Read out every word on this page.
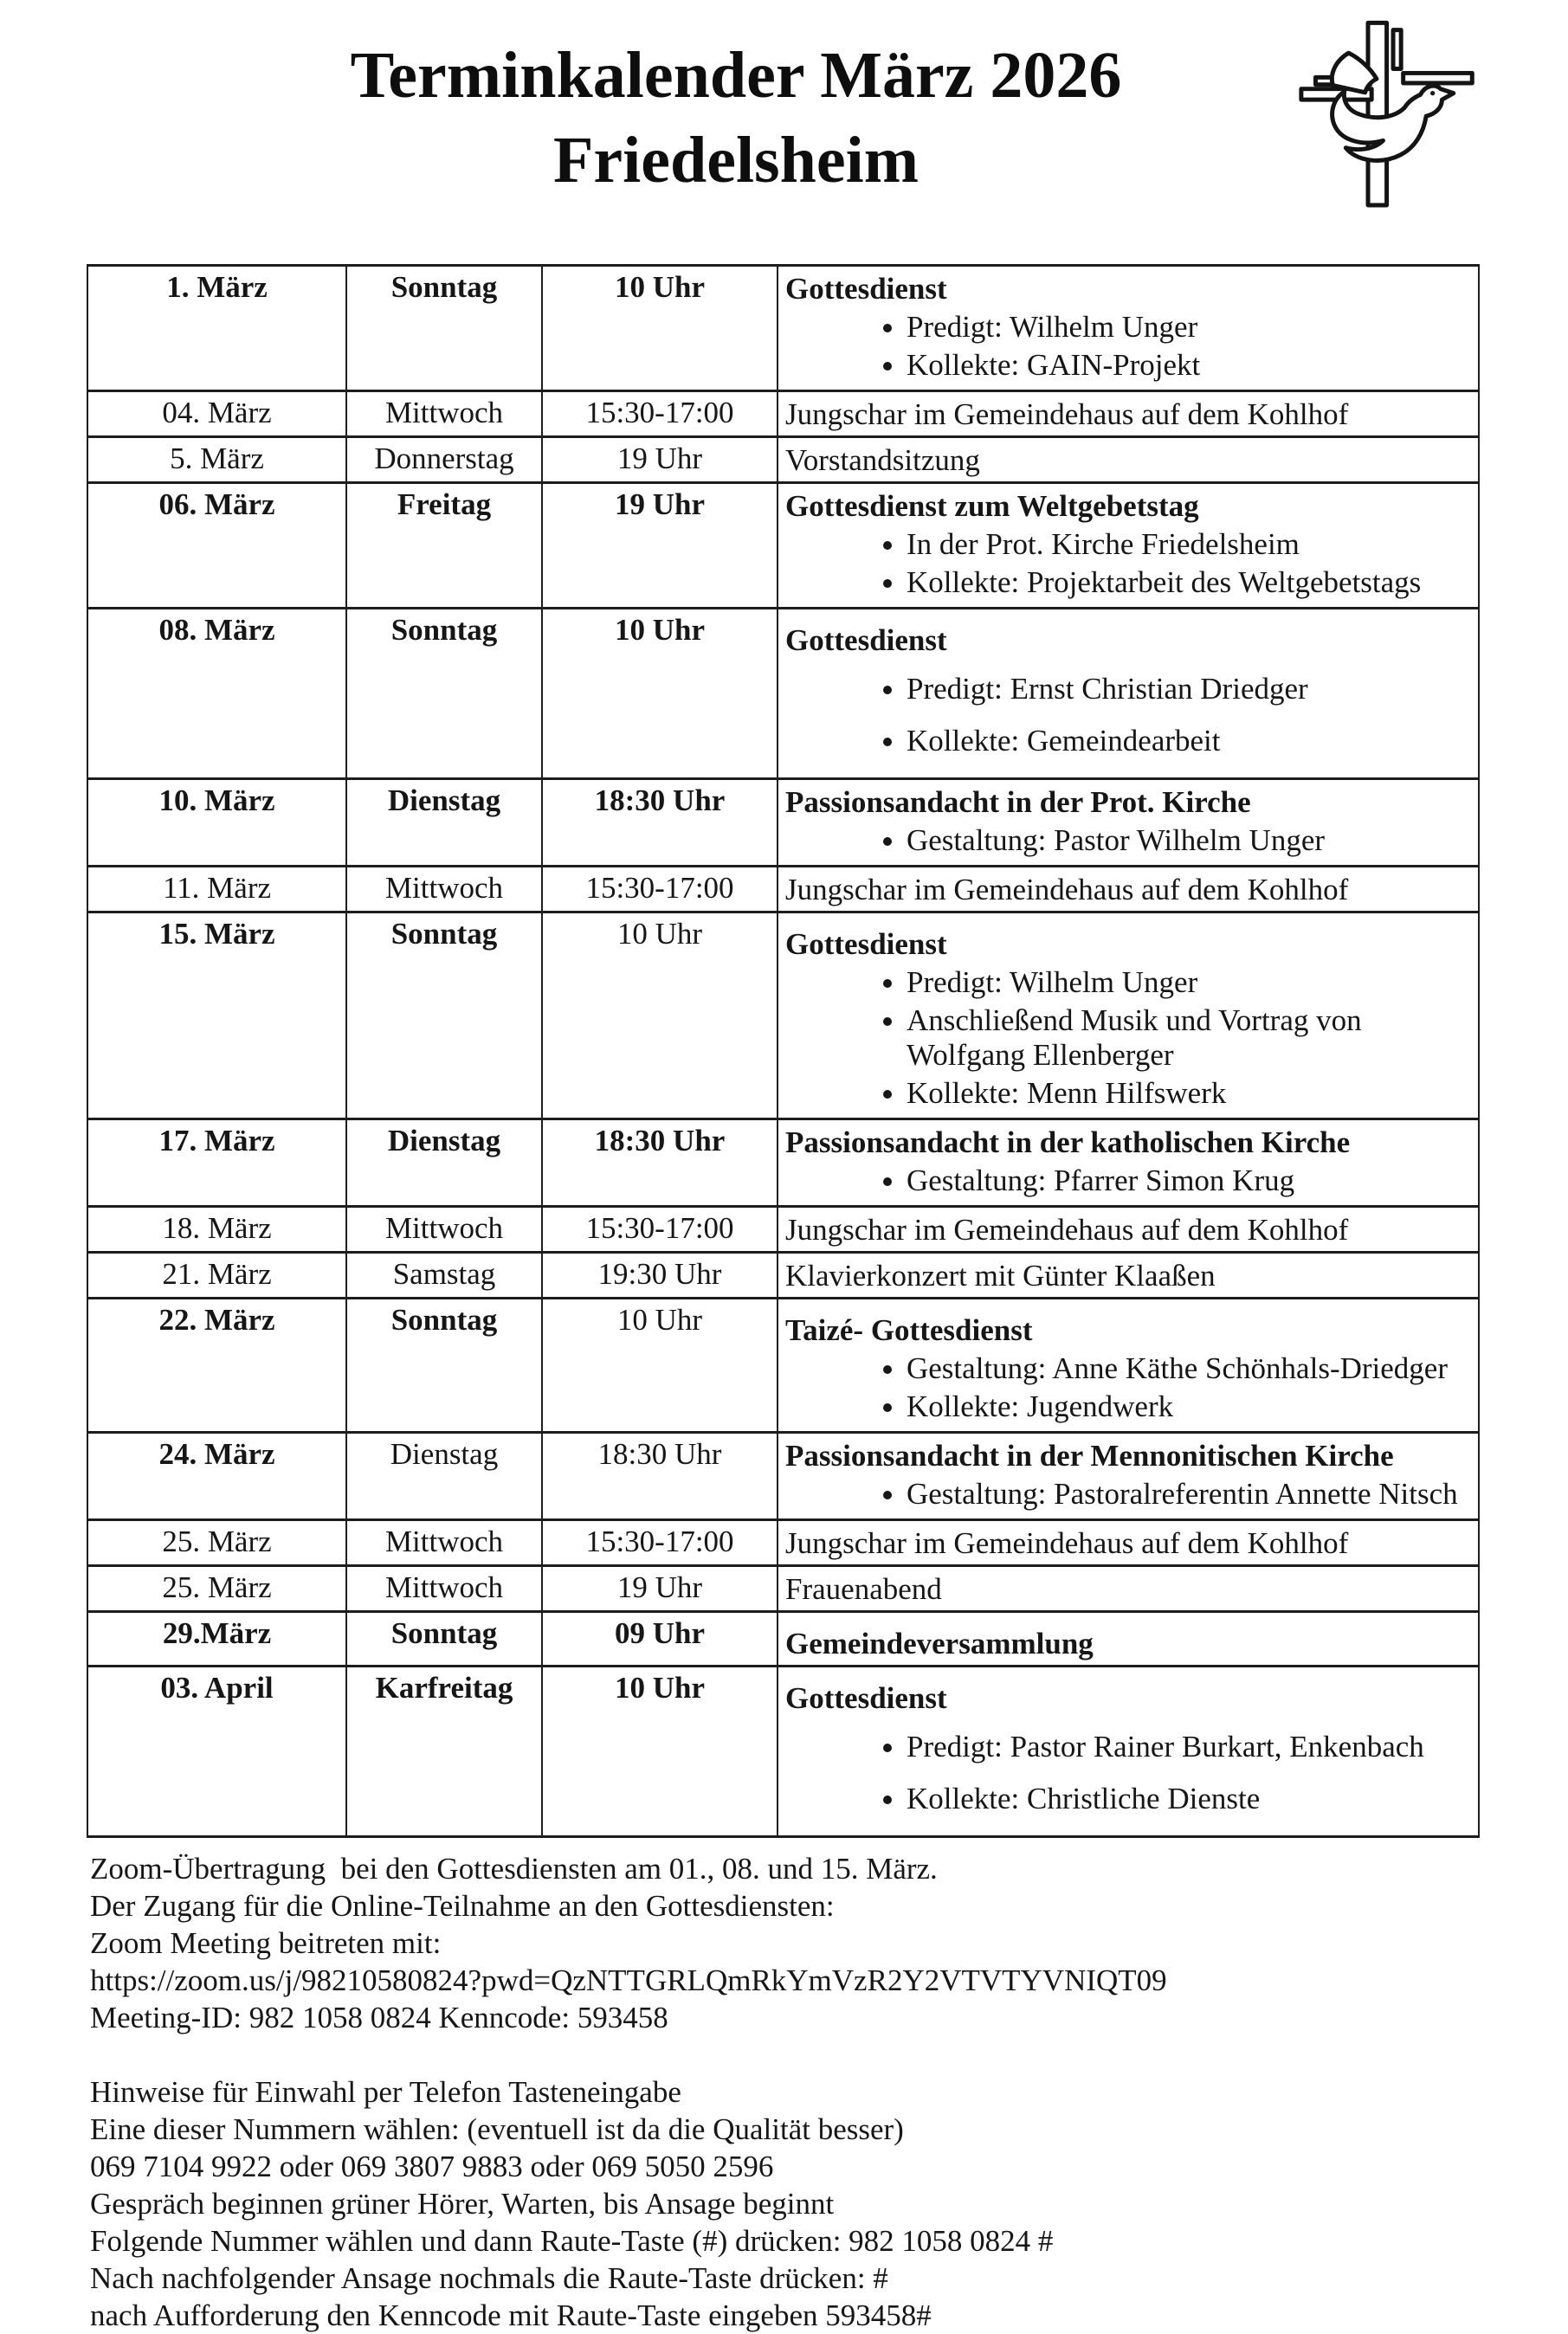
Terminkalender März 2026
Friedelsheim
1. März	Sonntag	10 Uhr	Gottesdienst
• Predigt: Wilhelm Unger
• Kollekte: GAIN-Projekt

04. März	Mittwoch	15:30-17:00	Jungschar im Gemeindehaus auf dem Kohlhof

5. März	Donnerstag	19 Uhr	Vorstandsitzung

06. März	Freitag	19 Uhr	Gottesdienst zum Weltgebetstag
• In der Prot. Kirche Friedelsheim
• Kollekte: Projektarbeit des Weltgebetstags

08. März	Sonntag	10 Uhr	Gottesdienst
• Predigt: Ernst Christian Driedger
• Kollekte: Gemeindearbeit

10. März	Dienstag	18:30 Uhr	Passionsandacht in der Prot. Kirche
• Gestaltung: Pastor Wilhelm Unger

11. März	Mittwoch	15:30-17:00	Jungschar im Gemeindehaus auf dem Kohlhof

15. März	Sonntag	10 Uhr	Gottesdienst
• Predigt: Wilhelm Unger
• Anschließend Musik und Vortrag von Wolfgang Ellenberger
• Kollekte: Menn Hilfswerk

17. März	Dienstag	18:30 Uhr	Passionsandacht in der katholischen Kirche
• Gestaltung: Pfarrer Simon Krug

18. März	Mittwoch	15:30-17:00	Jungschar im Gemeindehaus auf dem Kohlhof

21. März	Samstag	19:30 Uhr	Klavierkonzert mit Günter Klaaßen

22. März	Sonntag	10 Uhr	Taizé- Gottesdienst
• Gestaltung: Anne Käthe Schönhals-Driedger
• Kollekte: Jugendwerk

24. März	Dienstag	18:30 Uhr	Passionsandacht in der Mennonitischen Kirche
• Gestaltung: Pastoralreferentin Annette Nitsch

25. März	Mittwoch	15:30-17:00	Jungschar im Gemeindehaus auf dem Kohlhof

25. März	Mittwoch	19 Uhr	Frauenabend

29.März	Sonntag	09 Uhr	Gemeindeversammlung

03. April	Karfreitag	10 Uhr	Gottesdienst
• Predigt: Pastor Rainer Burkart, Enkenbach
• Kollekte: Christliche Dienste
Zoom-Übertragung  bei den Gottesdiensten am 01., 08. und 15. März.
Der Zugang für die Online-Teilnahme an den Gottesdiensten:
Zoom Meeting beitreten mit:
https://zoom.us/j/98210580824?pwd=QzNTTGRLQmRkYmVzR2Y2VTVTYVNIQT09
Meeting-ID: 982 1058 0824 Kenncode: 593458
Hinweise für Einwahl per Telefon Tasteneingabe
Eine dieser Nummern wählen: (eventuell ist da die Qualität besser)
069 7104 9922 oder 069 3807 9883 oder 069 5050 2596
Gespräch beginnen grüner Hörer, Warten, bis Ansage beginnt
Folgende Nummer wählen und dann Raute-Taste (#) drücken: 982 1058 0824 #
Nach nachfolgender Ansage nochmals die Raute-Taste drücken: #
nach Aufforderung den Kenncode mit Raute-Taste eingeben 593458#
